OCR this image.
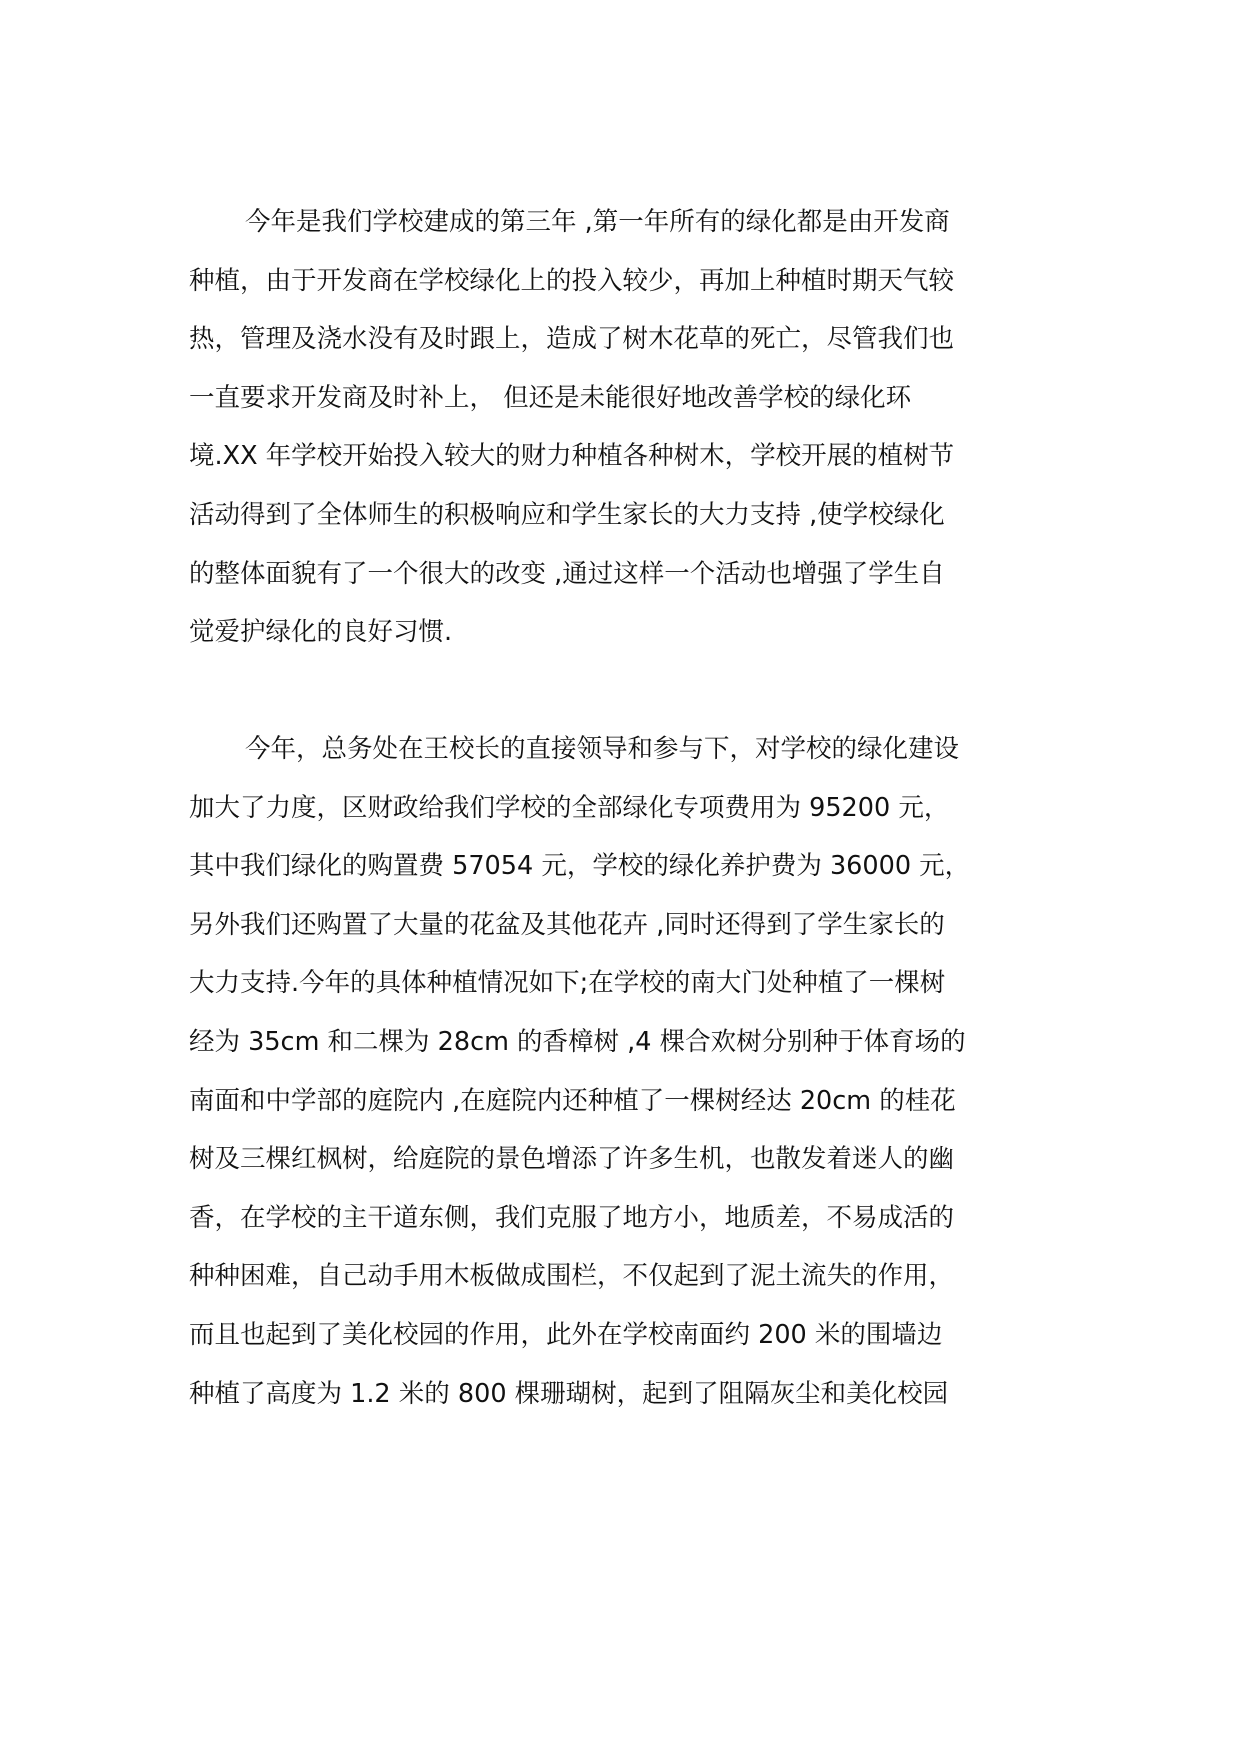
今年是我们学校建成的第三年 ,第一年所有的绿化都是由开发商
种植，由于开发商在学校绿化上的投入较少，再加上种植时期天气较
热，管理及浇水没有及时跟上，造成了树木花草的死亡，尽管我们也
一直要求开发商及时补上， 但还是未能很好地改善学校的绿化环
境.XX 年学校开始投入较大的财力种植各种树木，学校开展的植树节
活动得到了全体师生的积极响应和学生家长的大力支持 ,使学校绿化
的整体面貌有了一个很大的改变 ,通过这样一个活动也增强了学生自
觉爱护绿化的良好习惯.
今年，总务处在王校长的直接领导和参与下，对学校的绿化建设
加大了力度，区财政给我们学校的全部绿化专项费用为 95200 元，
其中我们绿化的购置费 57054 元，学校的绿化养护费为 36000 元，
另外我们还购置了大量的花盆及其他花卉 ,同时还得到了学生家长的
大力支持.今年的具体种植情况如下;在学校的南大门处种植了一棵树
经为 35cm 和二棵为 28cm 的香樟树 ,4 棵合欢树分别种于体育场的
南面和中学部的庭院内 ,在庭院内还种植了一棵树经达 20cm 的桂花
树及三棵红枫树，给庭院的景色增添了许多生机，也散发着迷人的幽
香，在学校的主干道东侧，我们克服了地方小，地质差，不易成活的
种种困难，自己动手用木板做成围栏，不仅起到了泥土流失的作用，
而且也起到了美化校园的作用，此外在学校南面约 200 米的围墙边
种植了高度为 1.2 米的 800 棵珊瑚树，起到了阻隔灰尘和美化校园
